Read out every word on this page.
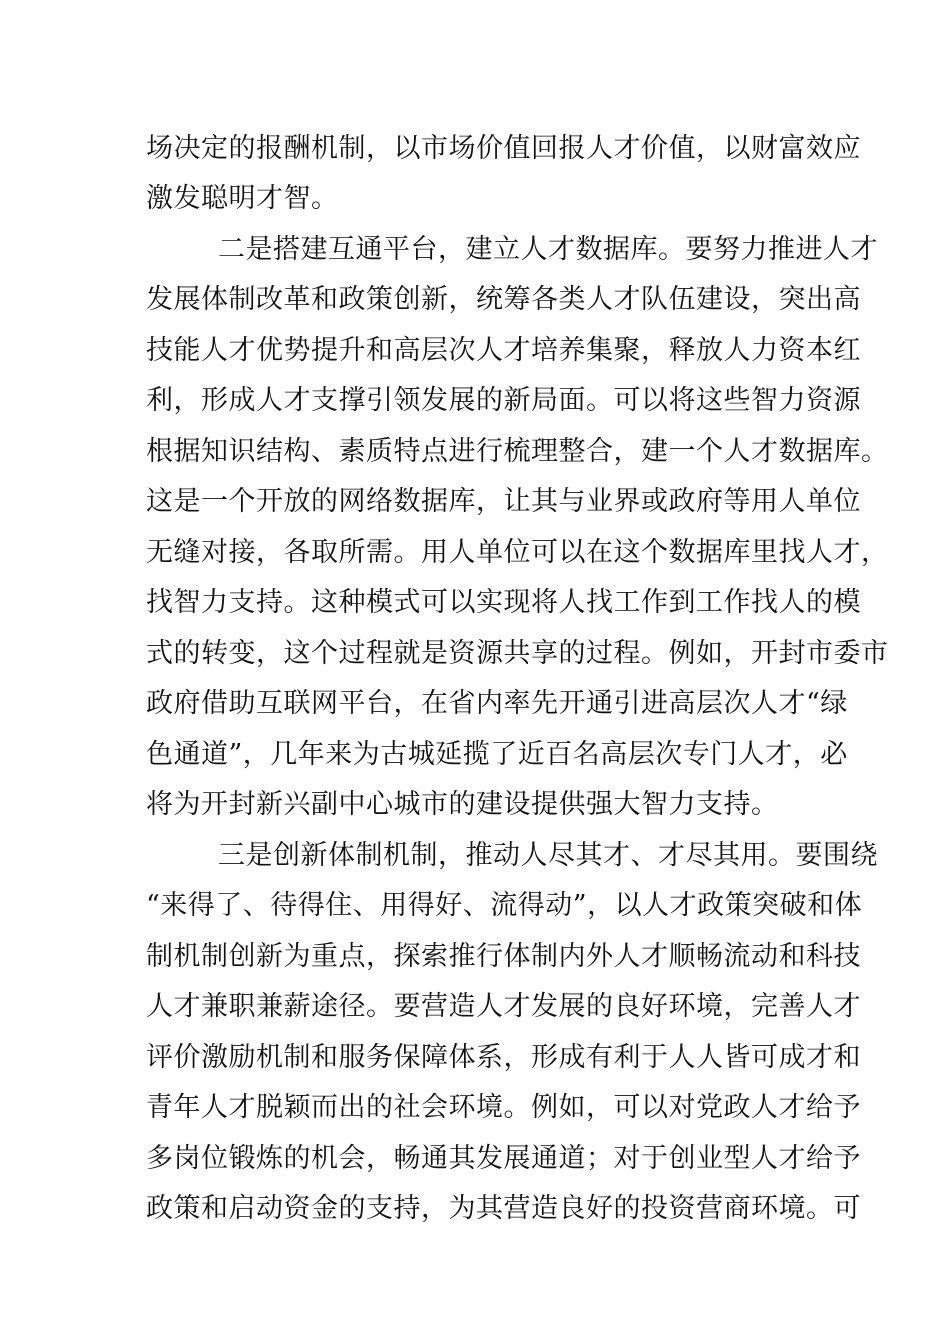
场决定的报酬机制，以市场价值回报人才价值，以财富效应
激发聪明才智。
二是搭建互通平台，建立人才数据库。要努力推进人才
发展体制改革和政策创新，统筹各类人才队伍建设，突出高
技能人才优势提升和高层次人才培养集聚，释放人力资本红
利，形成人才支撑引领发展的新局面。可以将这些智力资源
根据知识结构、素质特点进行梳理整合，建一个人才数据库。
这是一个开放的网络数据库，让其与业界或政府等用人单位
无缝对接，各取所需。用人单位可以在这个数据库里找人才，
找智力支持。这种模式可以实现将人找工作到工作找人的模
式的转变，这个过程就是资源共享的过程。例如，开封市委市
政府借助互联网平台，在省内率先开通引进高层次人才“绿
色通道”，几年来为古城延揽了近百名高层次专门人才，必
将为开封新兴副中心城市的建设提供强大智力支持。
三是创新体制机制，推动人尽其才、才尽其用。要围绕
“来得了、待得住、用得好、流得动”，以人才政策突破和体
制机制创新为重点，探索推行体制内外人才顺畅流动和科技
人才兼职兼薪途径。要营造人才发展的良好环境，完善人才
评价激励机制和服务保障体系，形成有利于人人皆可成才和
青年人才脱颖而出的社会环境。例如，可以对党政人才给予
多岗位锻炼的机会，畅通其发展通道；对于创业型人才给予
政策和启动资金的支持，为其营造良好的投资营商环境。可
